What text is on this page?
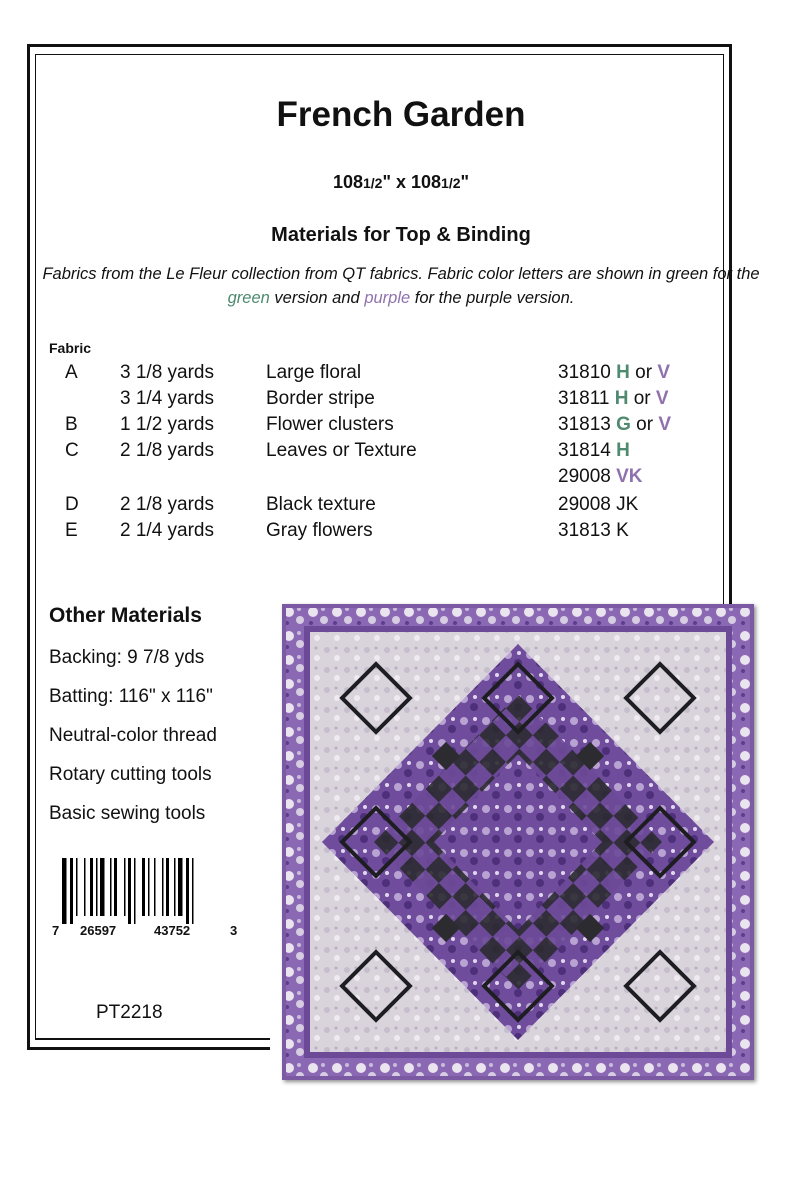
French Garden
1081/2" x 1081/2"
Materials for Top & Binding
Fabrics from the Le Fleur collection from QT fabrics. Fabric color letters are shown in green for the green version and purple for the purple version.
Fabric
A 3 1/8 yards	Large floral	31810 H or V
3 1/4 yards	Border stripe	31811 H or V
B 1 1/2 yards	Flower clusters	31813 G or V
C 2 1/8 yards	Leaves or Texture	31814 H
29008 VK
D 2 1/8 yards	Black texture	29008 JK
E 2 1/4 yards	Gray flowers	31813 K
Other Materials
Backing: 9 7/8 yds
Batting: 116" x 116"
Neutral-color thread
Rotary cutting tools
Basic sewing tools
7 26597	43752	3
PT2218
